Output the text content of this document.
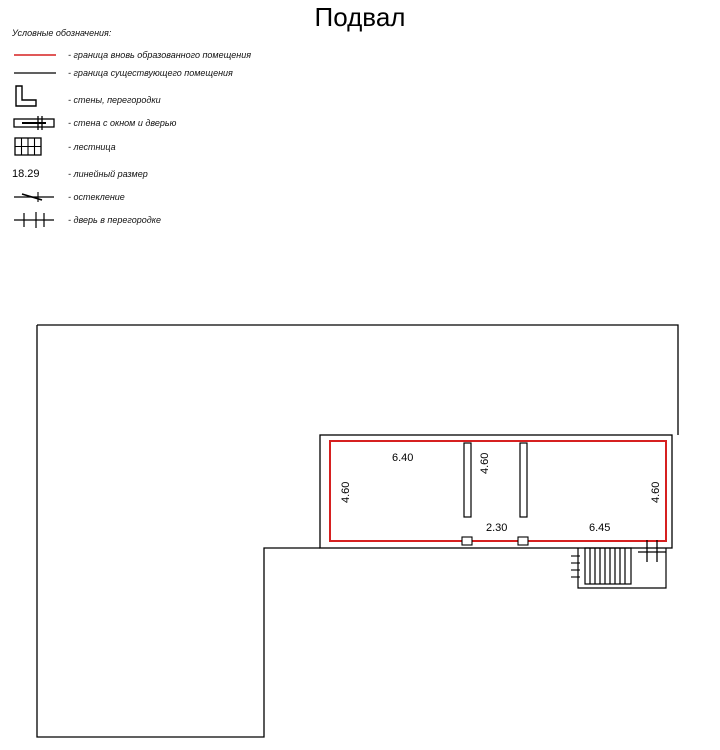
Подвал
Условные обозначения:
- граница вновь образованного помещения
- граница существующего помещения
- стены, перегородки
- стена с окном и дверью
- лестница
18.29	- линейный размер
- остекление
- дверь в перегородке
6.40
4.60
4.60
4.60
2.30	6.45
